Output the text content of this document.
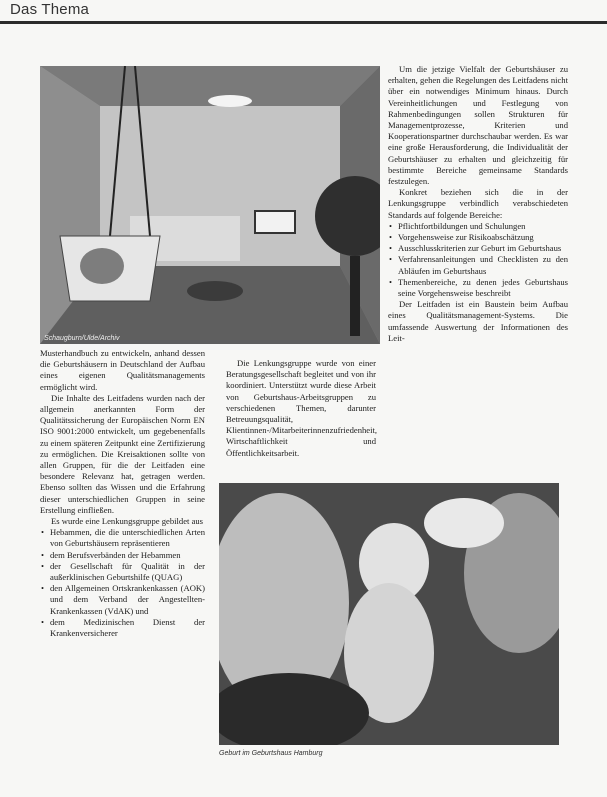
Das Thema
Schaugburn/Ulde/Archiv
Geburt im Geburtshaus Hamburg

Musterhandbuch zu entwickeln, anhand dessen die Geburtshäusern in Deutschland der Aufbau eines eigenen Qualitätsmanagements ermöglicht wird.

Die Inhalte des Leitfadens wurden nach der allgemein anerkannten Form der Qualitätssicherung der Europäischen Norm EN ISO 9001:2000 entwickelt, um gegebenenfalls zu einem späteren Zeitpunkt eine Zertifizierung zu ermöglichen. Die Kreisaktionen sollte von allen Gruppen, für die der Leitfaden eine besondere Relevanz hat, getragen werden. Ebenso sollten das Wissen und die Erfahrung dieser unterschiedlichen Gruppen in seine Erstellung einfließen.

Es wurde eine Lenkungsgruppe gebildet aus

• Hebammen, die die unterschiedlichen Arten von Geburtshäusern repräsentieren
• dem Berufsverbänden der Hebammen
• der Gesellschaft für Qualität in der außerklinischen Geburtshilfe (QUAG)
• den Allgemeinen Ortskrankenkassen (AOK) und dem Verband der Angestellten-Krankenkassen (VdAK) und
• dem Medizinischen Dienst der Krankenversicherer

Die Lenkungsgruppe wurde von einer Beratungsgesellschaft begleitet und von ihr koordiniert. Unterstützt wurde diese Arbeit von Geburtshaus-Arbeitsgruppen zu verschiedenen Themen, darunter Betreuungsqualität, Klientinnen-/Mitarbeiterinnenzufriedenheit, Wirtschaftlichkeit und Öffentlichkeitsarbeit.

Um die jetzige Vielfalt der Geburtshäuser zu erhalten, gehen die Regelungen des Leitfadens nicht über ein notwendiges Minimum hinaus. Durch Vereinheitlichungen und Festlegung von Rahmenbedingungen sollen Strukturen für Managementprozesse, Kriterien und Kooperationspartner durchschaubar werden. Es war eine große Herausforderung, die Individualität der Geburtshäuser zu erhalten und gleichzeitig für bestimmte Bereiche gemeinsame Standards festzulegen.

Konkret beziehen sich die in der Lenkungsgruppe verbindlich verabschiedeten Standards auf folgende Bereiche:

• Pflichtfortbildungen und Schulungen
• Vorgehensweise zur Risikoabschätzung
• Ausschlusskriterien zur Geburt im Geburtshaus
• Verfahrensanleitungen und Checklisten zu den Abläufen im Geburtshaus
• Themenbereiche, zu denen jedes Geburtshaus seine Vorgehensweise beschreibt

Der Leitfaden ist ein Baustein beim Aufbau eines Qualitätsmanagement-Systems. Die umfassende Auswertung der Informationen des Leit-
